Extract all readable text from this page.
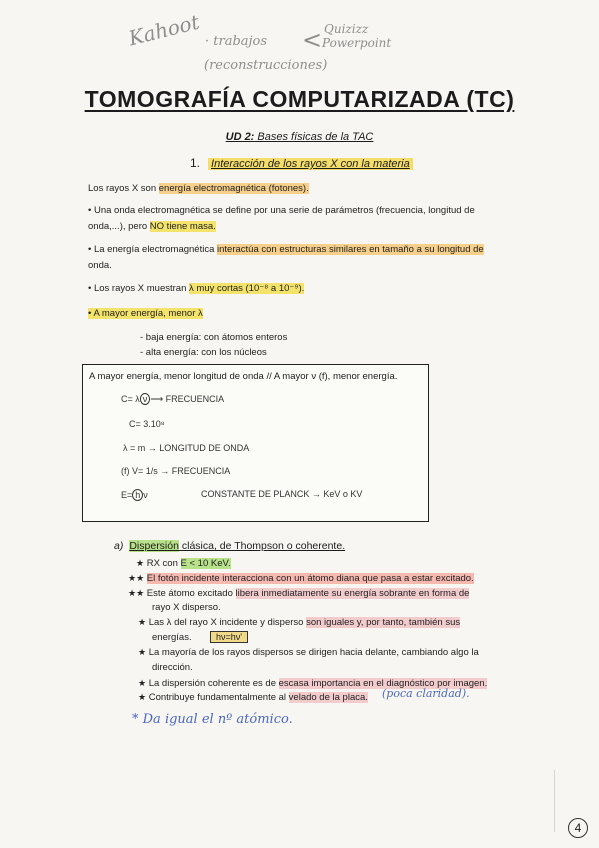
Kahoot · trabajos < Quizizz
Powerpoint
(reconstrucciones)
TOMOGRAFÍA COMPUTARIZADA (TC)
UD 2: Bases físicas de la TAC
1. Interacción de los rayos X con la materia
Los rayos X son energía electromagnética (fotones).
• Una onda electromagnética se define por una serie de parámetros (frecuencia, longitud de
onda,...), pero NO tiene masa.
• La energía electromagnética interactúa con estructuras similares en tamaño a su longitud de
onda.
• Los rayos X muestran λ muy cortas (10⁻⁸ a 10⁻⁹).
• A mayor energía, menor λ
- baja energía: con átomos enteros
- alta energía: con los núcleos
A mayor energía, menor longitud de onda // A mayor ν (f), menor energía.
C= λ ν ⟶ FRECUENCIA
C= 3.10⁸
λ = m → LONGITUD DE ONDA
(f) V= 1/s → FRECUENCIA
E= h ν	CONSTANTE DE PLANCK → KeV o KV
a) Dispersión clásica, de Thompson o coherente.
★ RX con E < 10 KeV.
★★ El fotón incidente interacciona con un átomo diana que pasa a estar excitado.
★★ Este átomo excitado libera inmediatamente su energía sobrante en forma de
rayo X disperso.
★ Las λ del rayo X incidente y disperso son iguales y, por tanto, también sus
energías.	hν=hν'
★ La mayoría de los rayos dispersos se dirigen hacia delante, cambiando algo la
dirección.
★ La dispersión coherente es de escasa importancia en el diagnóstico por imagen.
★ Contribuye fundamentalmente al velado de la placa. (poca claridad).
* Da igual el nº atómico.
4
